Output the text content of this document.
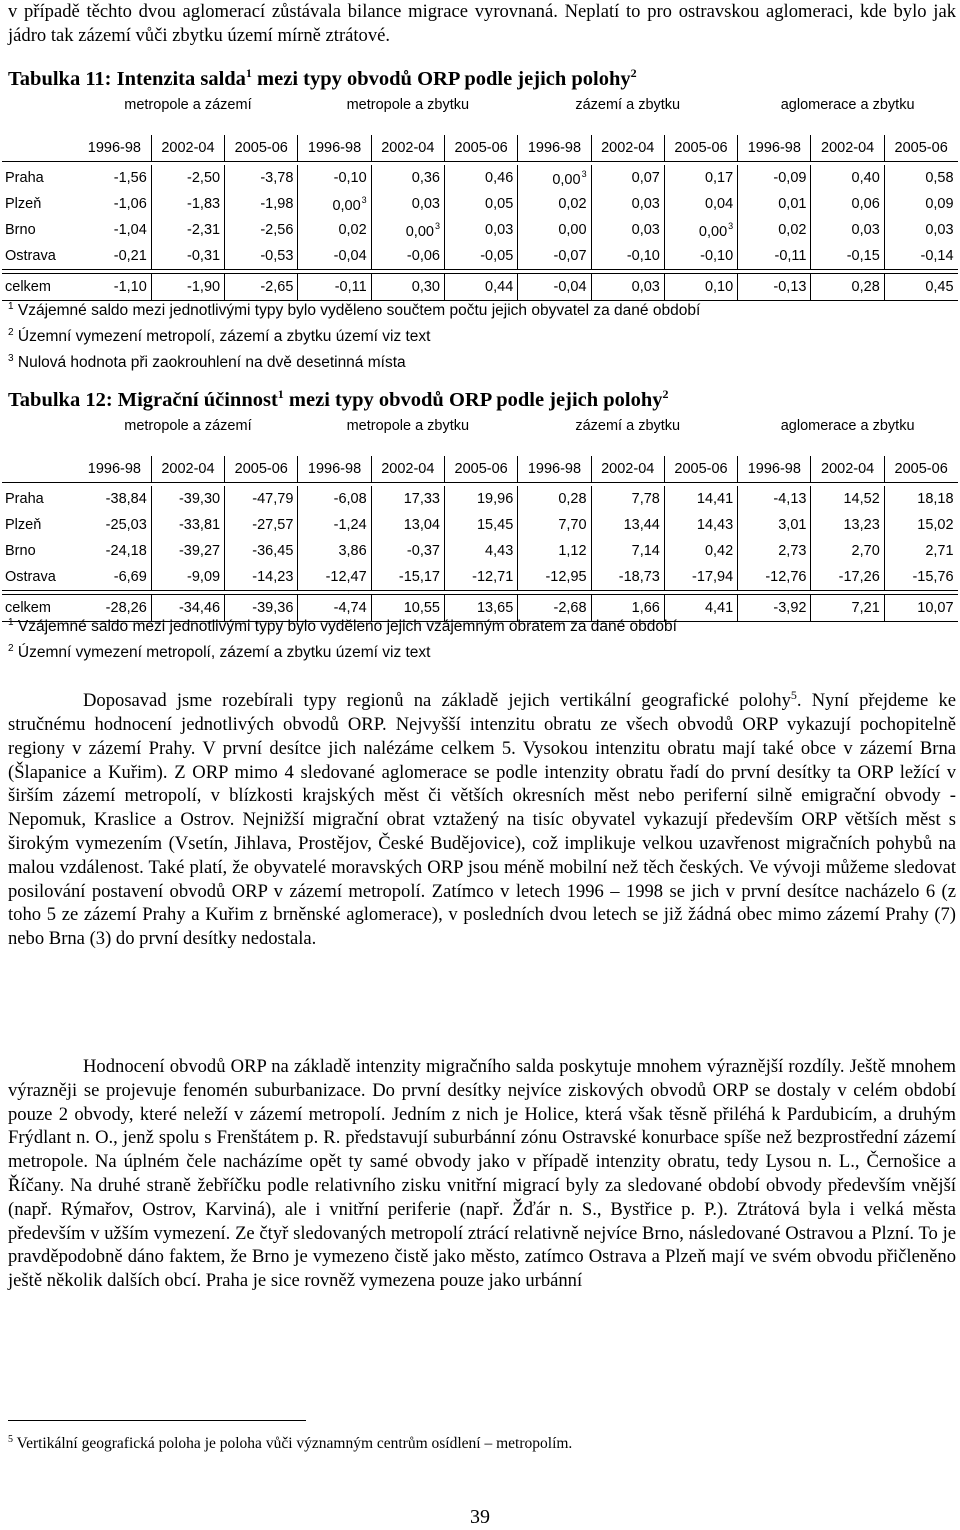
v případě těchto dvou aglomerací zůstávala bilance migrace vyrovnaná. Neplatí to pro ostravskou aglomeraci, kde bylo jak jádro tak zázemí vůči zbytku území mírně ztrátové.
Tabulka 11: Intenzita salda$^1$ mezi typy obvodů ORP podle jejich polohy$^2$
	metropole a zázemí			metropole a zbytku			zázemí a zbytku			aglomerace a zbytku		
	1996-98	2002-04	2005-06	1996-98	2002-04	2005-06	1996-98	2002-04	2005-06	1996-98	2002-04	2005-06

Praha	-1,56	-2,50	-3,78	-0,10	0,36	0,46	0,00$^3$	0,07	0,17	-0,09	0,40	0,58
Plzeň	-1,06	-1,83	-1,98	0,00$^3$	0,03	0,05	0,02	0,03	0,04	0,01	0,06	0,09
Brno	-1,04	-2,31	-2,56	0,02	0,00$^3$	0,03	0,00	0,03	0,00$^3$	0,02	0,03	0,03
Ostrava	-0,21	-0,31	-0,53	-0,04	-0,06	-0,05	-0,07	-0,10	-0,10	-0,11	-0,15	-0,14

celkem	-1,10	-1,90	-2,65	-0,11	0,30	0,44	-0,04	0,03	0,10	-0,13	0,28	0,45
$^1$ Vzájemné saldo mezi jednotlivými typy bylo vyděleno součtem počtu jejich obyvatel za dané období
$^2$ Územní vymezení metropolí, zázemí a zbytku území viz text
$^3$ Nulová hodnota při zaokrouhlení na dvě desetinná místa
Tabulka 12: Migrační účinnost$^1$ mezi typy obvodů ORP podle jejich polohy$^2$
	metropole a zázemí			metropole a zbytku			zázemí a zbytku			aglomerace a zbytku		
	1996-98	2002-04	2005-06	1996-98	2002-04	2005-06	1996-98	2002-04	2005-06	1996-98	2002-04	2005-06

Praha	-38,84	-39,30	-47,79	-6,08	17,33	19,96	0,28	7,78	14,41	-4,13	14,52	18,18
Plzeň	-25,03	-33,81	-27,57	-1,24	13,04	15,45	7,70	13,44	14,43	3,01	13,23	15,02
Brno	-24,18	-39,27	-36,45	3,86	-0,37	4,43	1,12	7,14	0,42	2,73	2,70	2,71
Ostrava	-6,69	-9,09	-14,23	-12,47	-15,17	-12,71	-12,95	-18,73	-17,94	-12,76	-17,26	-15,76

celkem	-28,26	-34,46	-39,36	-4,74	10,55	13,65	-2,68	1,66	4,41	-3,92	7,21	10,07
$^1$ Vzájemné saldo mezi jednotlivými typy bylo vyděleno jejich vzájemným obratem za dané období
$^2$ Územní vymezení metropolí, zázemí a zbytku území viz text
Doposavad jsme rozebírali typy regionů na základě jejich vertikální geografické polohy$^5$. Nyní přejdeme ke stručnému hodnocení jednotlivých obvodů ORP. Nejvyšší intenzitu obratu ze všech obvodů ORP vykazují pochopitelně regiony v zázemí Prahy. V první desítce jich nalézáme celkem 5. Vysokou intenzitu obratu mají také obce v zázemí Brna (Šlapanice a Kuřim). Z ORP mimo 4 sledované aglomerace se podle intenzity obratu řadí do první desítky ta ORP ležící v širším zázemí metropolí, v blízkosti krajských měst či větších okresních měst nebo periferní silně emigrační obvody - Nepomuk, Kraslice a Ostrov. Nejnižší migrační obrat vztažený na tisíc obyvatel vykazují především ORP větších měst s širokým vymezením (Vsetín, Jihlava, Prostějov, České Budějovice), což implikuje velkou uzavřenost migračních pohybů na malou vzdálenost. Také platí, že obyvatelé moravských ORP jsou méně mobilní než těch českých. Ve vývoji můžeme sledovat posilování postavení obvodů ORP v zázemí metropolí. Zatímco v letech 1996 – 1998 se jich v první desítce nacházelo 6 (z toho 5 ze zázemí Prahy a Kuřim z brněnské aglomerace), v posledních dvou letech se již žádná obec mimo zázemí Prahy (7) nebo Brna (3) do první desítky nedostala.
Hodnocení obvodů ORP na základě intenzity migračního salda poskytuje mnohem výraznější rozdíly. Ještě mnohem výrazněji se projevuje fenomén suburbanizace. Do první desítky nejvíce ziskových obvodů ORP se dostaly v celém období pouze 2 obvody, které neleží v zázemí metropolí. Jedním z nich je Holice, která však těsně přiléhá k Pardubicím, a druhým Frýdlant n. O., jenž spolu s Frenštátem p. R. představují suburbánní zónu Ostravské konurbace spíše než bezprostřední zázemí metropole. Na úplném čele nacházíme opět ty samé obvody jako v případě intenzity obratu, tedy Lysou n. L., Černošice a Říčany. Na druhé straně žebříčku podle relativního zisku vnitřní migrací byly za sledované období obvody především vnější (např. Rýmařov, Ostrov, Karviná), ale i vnitřní periferie (např. Žďár n. S., Bystřice p. P.). Ztrátová byla i velká města především v užším vymezení. Ze čtyř sledovaných metropolí ztrácí relativně nejvíce Brno, následované Ostravou a Plzní. To je pravděpodobně dáno faktem, že Brno je vymezeno čistě jako město, zatímco Ostrava a Plzeň mají ve svém obvodu přičleněno ještě několik dalších obcí. Praha je sice rovněž vymezena pouze jako urbánní
$^5$ Vertikální geografická poloha je poloha vůči významným centrům osídlení – metropolím.
39
